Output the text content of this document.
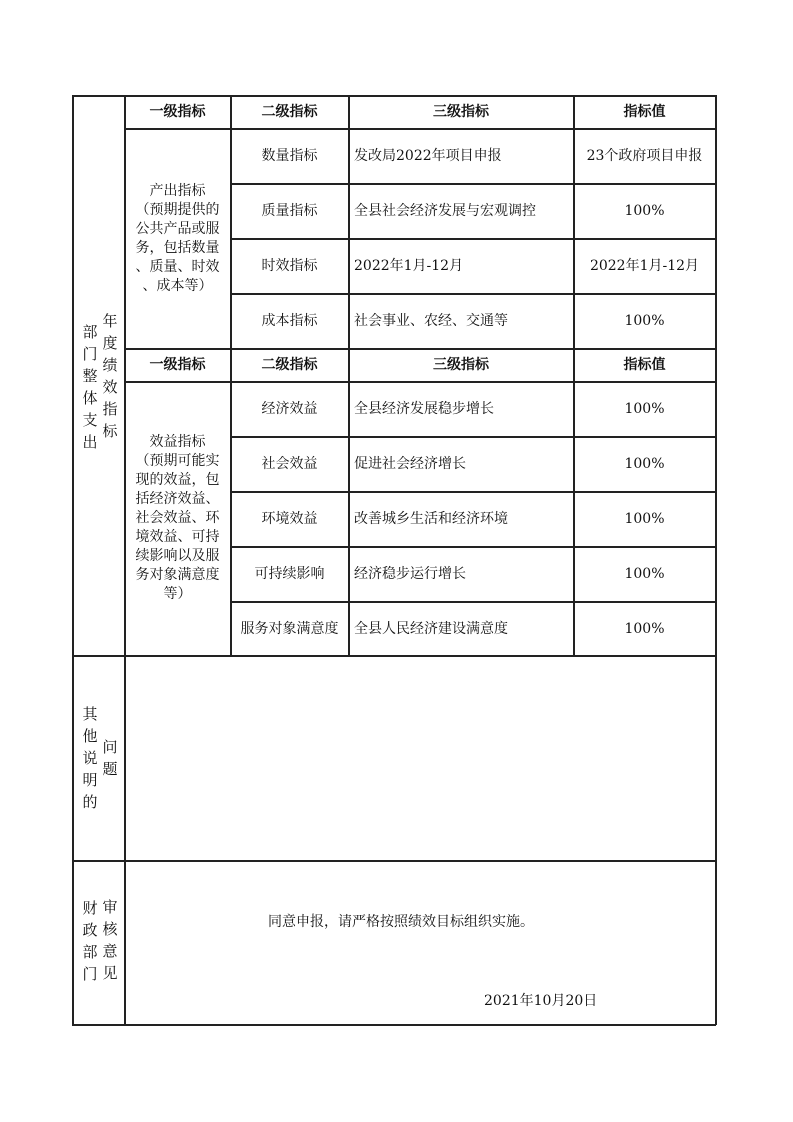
部门整体支出
年度绩效指标
一级指标	二级指标	三级指标	指标值
产出指标
（预期提供的
公共产品或服
务，包括数量
、质量、时效
、成本等）
数量指标	发改局2022年项目申报	23个政府项目申报
质量指标	全县社会经济发展与宏观调控	100%
时效指标	2022年1月-12月	2022年1月-12月
成本指标	社会事业、农经、交通等	100%
一级指标	二级指标	三级指标	指标值
效益指标
（预期可能实
现的效益，包
括经济效益、
社会效益、环
境效益、可持
续影响以及服
务对象满意度
等）
经济效益	全县经济发展稳步增长	100%
社会效益	促进社会经济增长	100%
环境效益	改善城乡生活和经济环境	100%
可持续影响	经济稳步运行增长	100%
服务对象满意度	全县人民经济建设满意度	100%
其他说明的
问题
财政部门
审核意见
同意申报，请严格按照绩效目标组织实施。
2021年10月20日
